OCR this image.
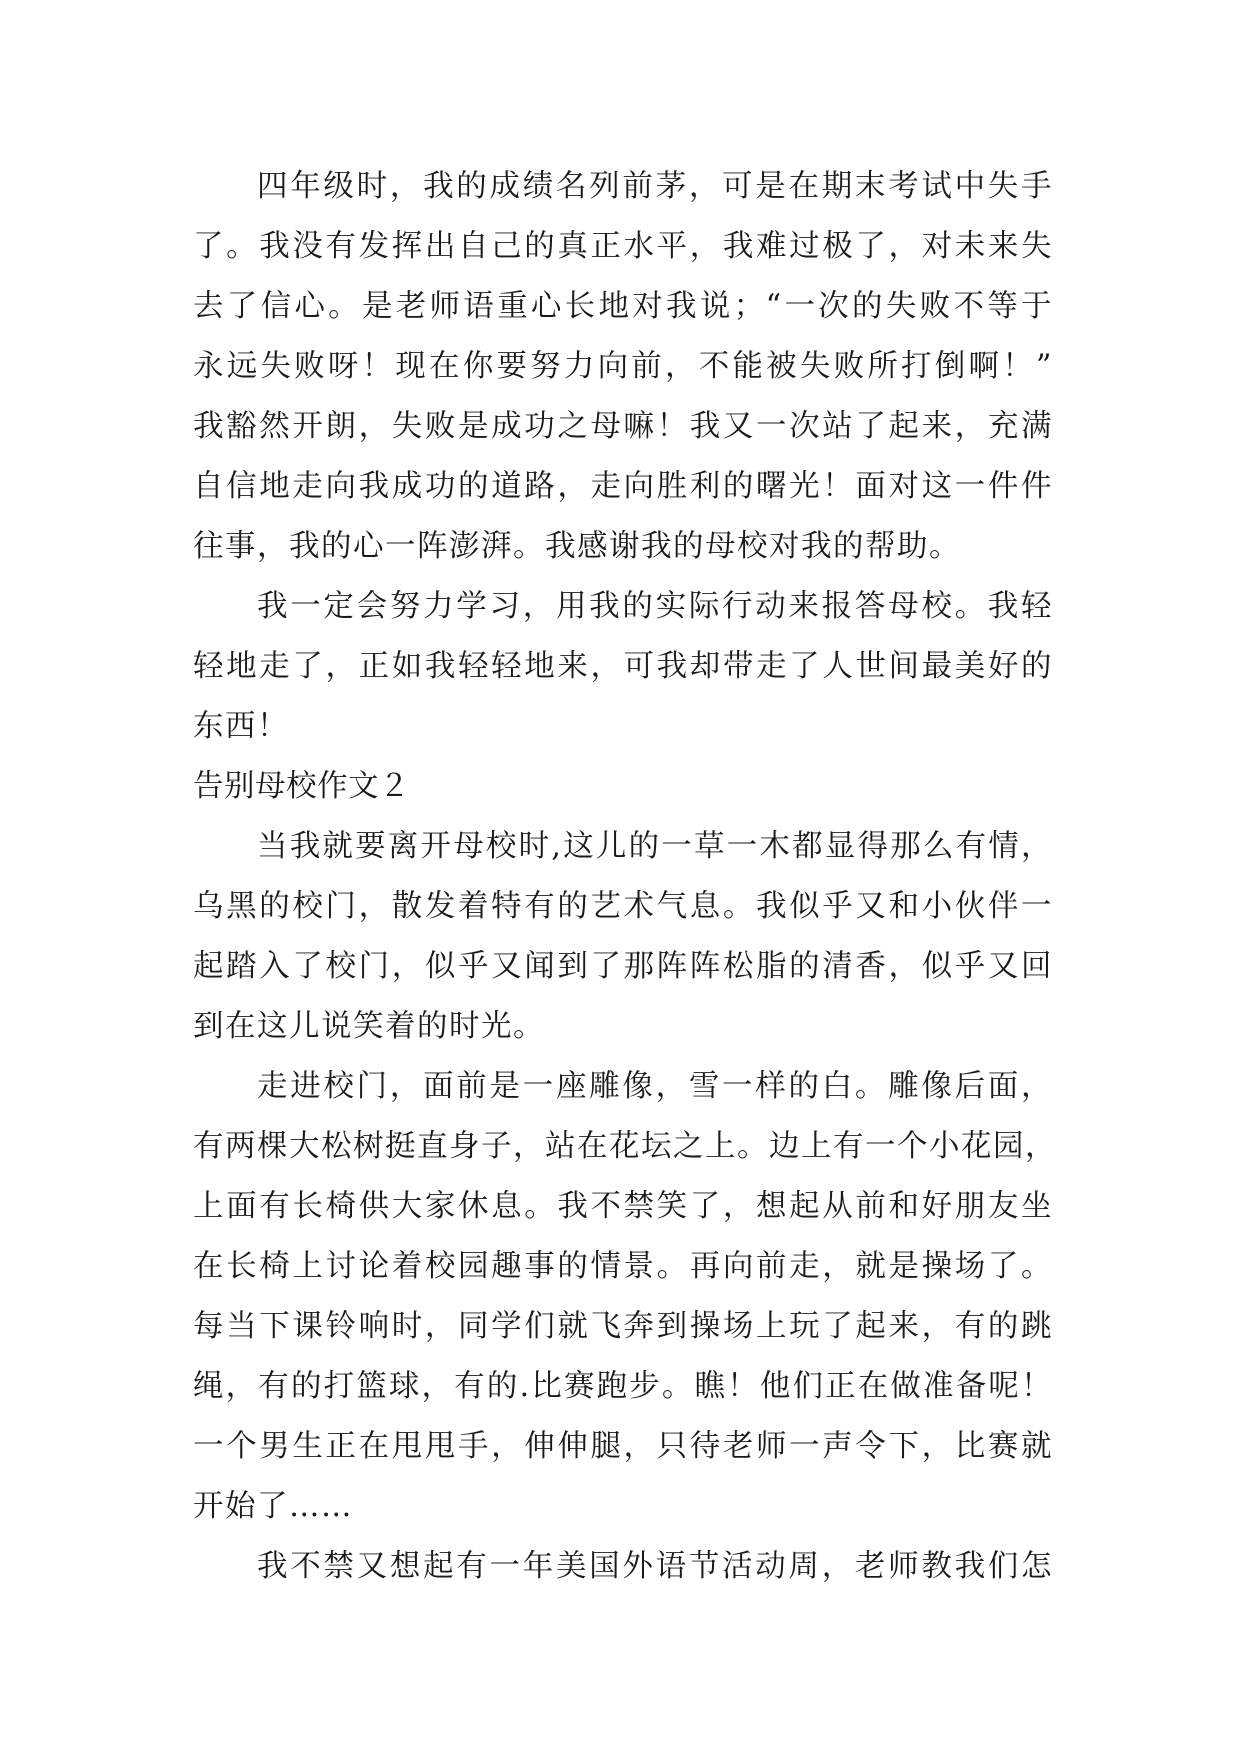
四年级时，我的成绩名列前茅，可是在期末考试中失手
了。我没有发挥出自己的真正水平，我难过极了，对未来失
去了信心。是老师语重心长地对我说；“一次的失败不等于
永远失败呀！现在你要努力向前，不能被失败所打倒啊！”
我豁然开朗，失败是成功之母嘛！我又一次站了起来，充满
自信地走向我成功的道路，走向胜利的曙光！面对这一件件
往事，我的心一阵澎湃。我感谢我的母校对我的帮助。
我一定会努力学习，用我的实际行动来报答母校。我轻
轻地走了，正如我轻轻地来，可我却带走了人世间最美好的
东西！
告别母校作文２
当我就要离开母校时,这儿的一草一木都显得那么有情，
乌黑的校门，散发着特有的艺术气息。我似乎又和小伙伴一
起踏入了校门，似乎又闻到了那阵阵松脂的清香，似乎又回
到在这儿说笑着的时光。
走进校门，面前是一座雕像，雪一样的白。雕像后面，
有两棵大松树挺直身子，站在花坛之上。边上有一个小花园，
上面有长椅供大家休息。我不禁笑了，想起从前和好朋友坐
在长椅上讨论着校园趣事的情景。再向前走，就是操场了。
每当下课铃响时，同学们就飞奔到操场上玩了起来，有的跳
绳，有的打篮球，有的.比赛跑步。瞧！他们正在做准备呢！
一个男生正在甩甩手，伸伸腿，只待老师一声令下，比赛就
开始了……
我不禁又想起有一年美国外语节活动周，老师教我们怎
